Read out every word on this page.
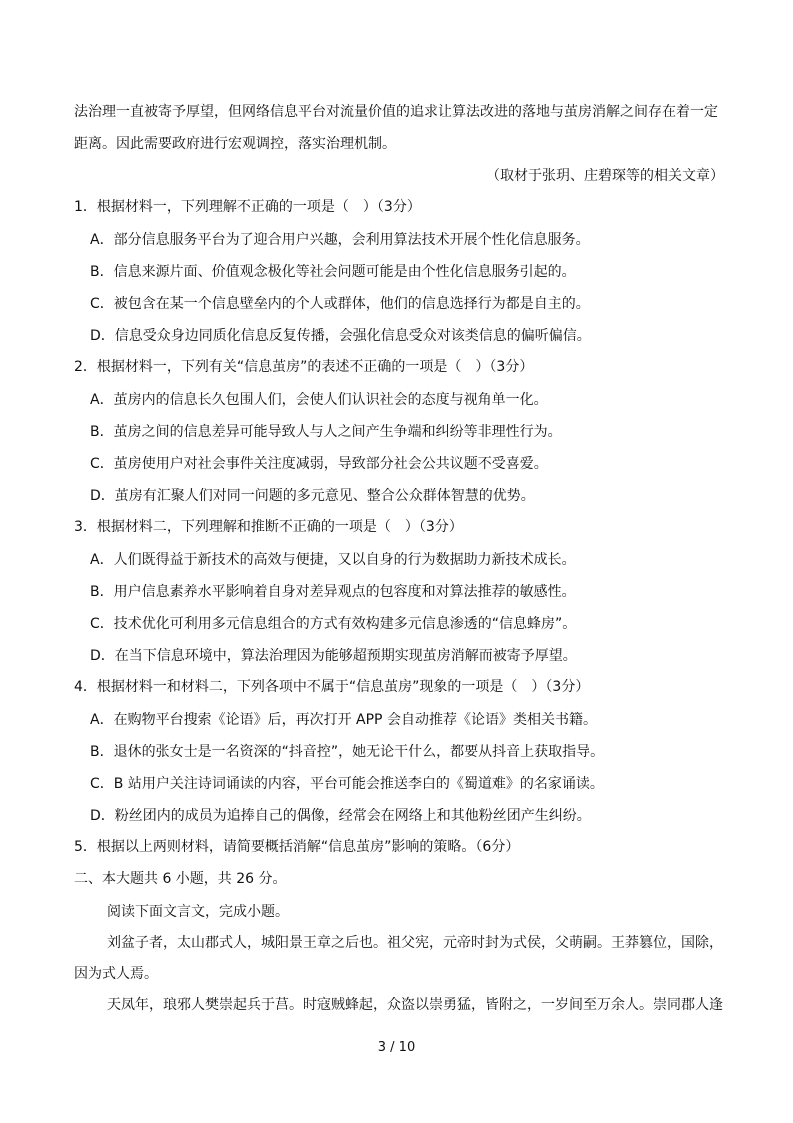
法治理一直被寄予厚望，但网络信息平台对流量价值的追求让算法改进的落地与茧房消解之间存在着一定
距离。因此需要政府进行宏观调控，落实治理机制。
（取材于张玥、庄碧琛等的相关文章）
1．根据材料一，下列理解不正确的一项是（　）（3分）
A．部分信息服务平台为了迎合用户兴趣，会利用算法技术开展个性化信息服务。
B．信息来源片面、价值观念极化等社会问题可能是由个性化信息服务引起的。
C．被包含在某一个信息壁垒内的个人或群体，他们的信息选择行为都是自主的。
D．信息受众身边同质化信息反复传播，会强化信息受众对该类信息的偏听偏信。
2．根据材料一，下列有关“信息茧房”的表述不正确的一项是（　）（3分）
A．茧房内的信息长久包围人们，会使人们认识社会的态度与视角单一化。
B．茧房之间的信息差异可能导致人与人之间产生争端和纠纷等非理性行为。
C．茧房使用户对社会事件关注度减弱，导致部分社会公共议题不受喜爱。
D．茧房有汇聚人们对同一问题的多元意见、整合公众群体智慧的优势。
3．根据材料二，下列理解和推断不正确的一项是（　）（3分）
A．人们既得益于新技术的高效与便捷，又以自身的行为数据助力新技术成长。
B．用户信息素养水平影响着自身对差异观点的包容度和对算法推荐的敏感性。
C．技术优化可利用多元信息组合的方式有效构建多元信息渗透的“信息蜂房”。
D．在当下信息环境中，算法治理因为能够超预期实现茧房消解而被寄予厚望。
4．根据材料一和材料二，下列各项中不属于“信息茧房”现象的一项是（　）（3分）
A．在购物平台搜索《论语》后，再次打开 APP 会自动推荐《论语》类相关书籍。
B．退休的张女士是一名资深的“抖音控”，她无论干什么，都要从抖音上获取指导。
C．B 站用户关注诗词诵读的内容，平台可能会推送李白的《蜀道难》的名家诵读。
D．粉丝团内的成员为追捧自己的偶像，经常会在网络上和其他粉丝团产生纠纷。
5．根据以上两则材料，请简要概括消解“信息茧房”影响的策略。（6分）
二、本大题共 6 小题，共 26 分。
阅读下面文言文，完成小题。
刘盆子者，太山郡式人，城阳景王章之后也。祖父宪，元帝时封为式侯，父萌嗣。王莽篡位，国除，因为式人焉。
天凤年，琅邪人樊崇起兵于莒。时寇贼蜂起，众盗以崇勇猛，皆附之，一岁间至万余人。崇同郡人逢
3 / 10
